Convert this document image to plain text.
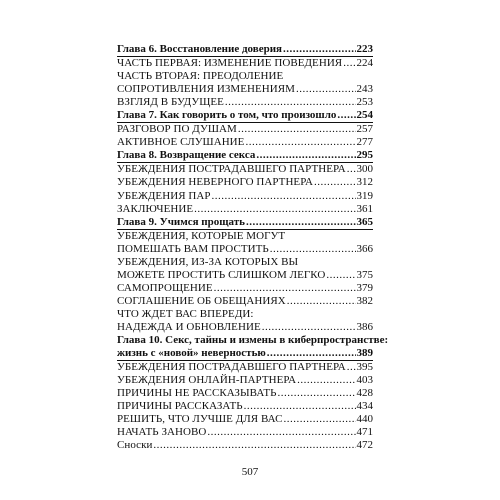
Глава 6. Восстановление доверия .....	223
ЧАСТЬ ПЕРВАЯ: ИЗМЕНЕНИЕ ПОВЕДЕНИЯ ..... 224
ЧАСТЬ ВТОРАЯ: ПРЕОДОЛЕНИЕ
СОПРОТИВЛЕНИЯ ИЗМЕНЕНИЯМ .....	243
ВЗГЛЯД В БУДУЩЕЕ .....	253
Глава 7. Как говорить о том, что произошло ..... 254
РАЗГОВОР ПО ДУШАМ .....	257
АКТИВНОЕ СЛУШАНИЕ .....	277
Глава 8. Возвращение секса .....	295
УБЕЖДЕНИЯ ПОСТРАДАВШЕГО ПАРТНЕРА ..... 300
УБЕЖДЕНИЯ НЕВЕРНОГО ПАРТНЕРА .....	312
УБЕЖДЕНИЯ ПАР .....	319
ЗАКЛЮЧЕНИЕ .....	361
Глава 9. Учимся прощать .....	365
УБЕЖДЕНИЯ, КОТОРЫЕ МОГУТ
ПОМЕШАТЬ ВАМ ПРОСТИТЬ .....	366
УБЕЖДЕНИЯ, ИЗ-ЗА КОТОРЫХ ВЫ
МОЖЕТЕ ПРОСТИТЬ СЛИШКОМ ЛЕГКО .....	375
САМОПРОЩЕНИЕ .....	379
СОГЛАШЕНИЕ ОБ ОБЕЩАНИЯХ .....	382
ЧТО ЖДЕТ ВАС ВПЕРЕДИ:
НАДЕЖДА И ОБНОВЛЕНИЕ .....	386
Глава 10. Секс, тайны и измены в киберпространстве:
жизнь с «новой» неверностью .....	389
УБЕЖДЕНИЯ ПОСТРАДАВШЕГО ПАРТНЕРА ..... 395
УБЕЖДЕНИЯ ОНЛАЙН-ПАРТНЕРА .....	403
ПРИЧИНЫ НЕ РАССКАЗЫВАТЬ .....	428
ПРИЧИНЫ РАССКАЗАТЬ .....	434
РЕШИТЬ, ЧТО ЛУЧШЕ ДЛЯ ВАС .....	440
НАЧАТЬ ЗАНОВО .....	471
Сноски .....	472
507
